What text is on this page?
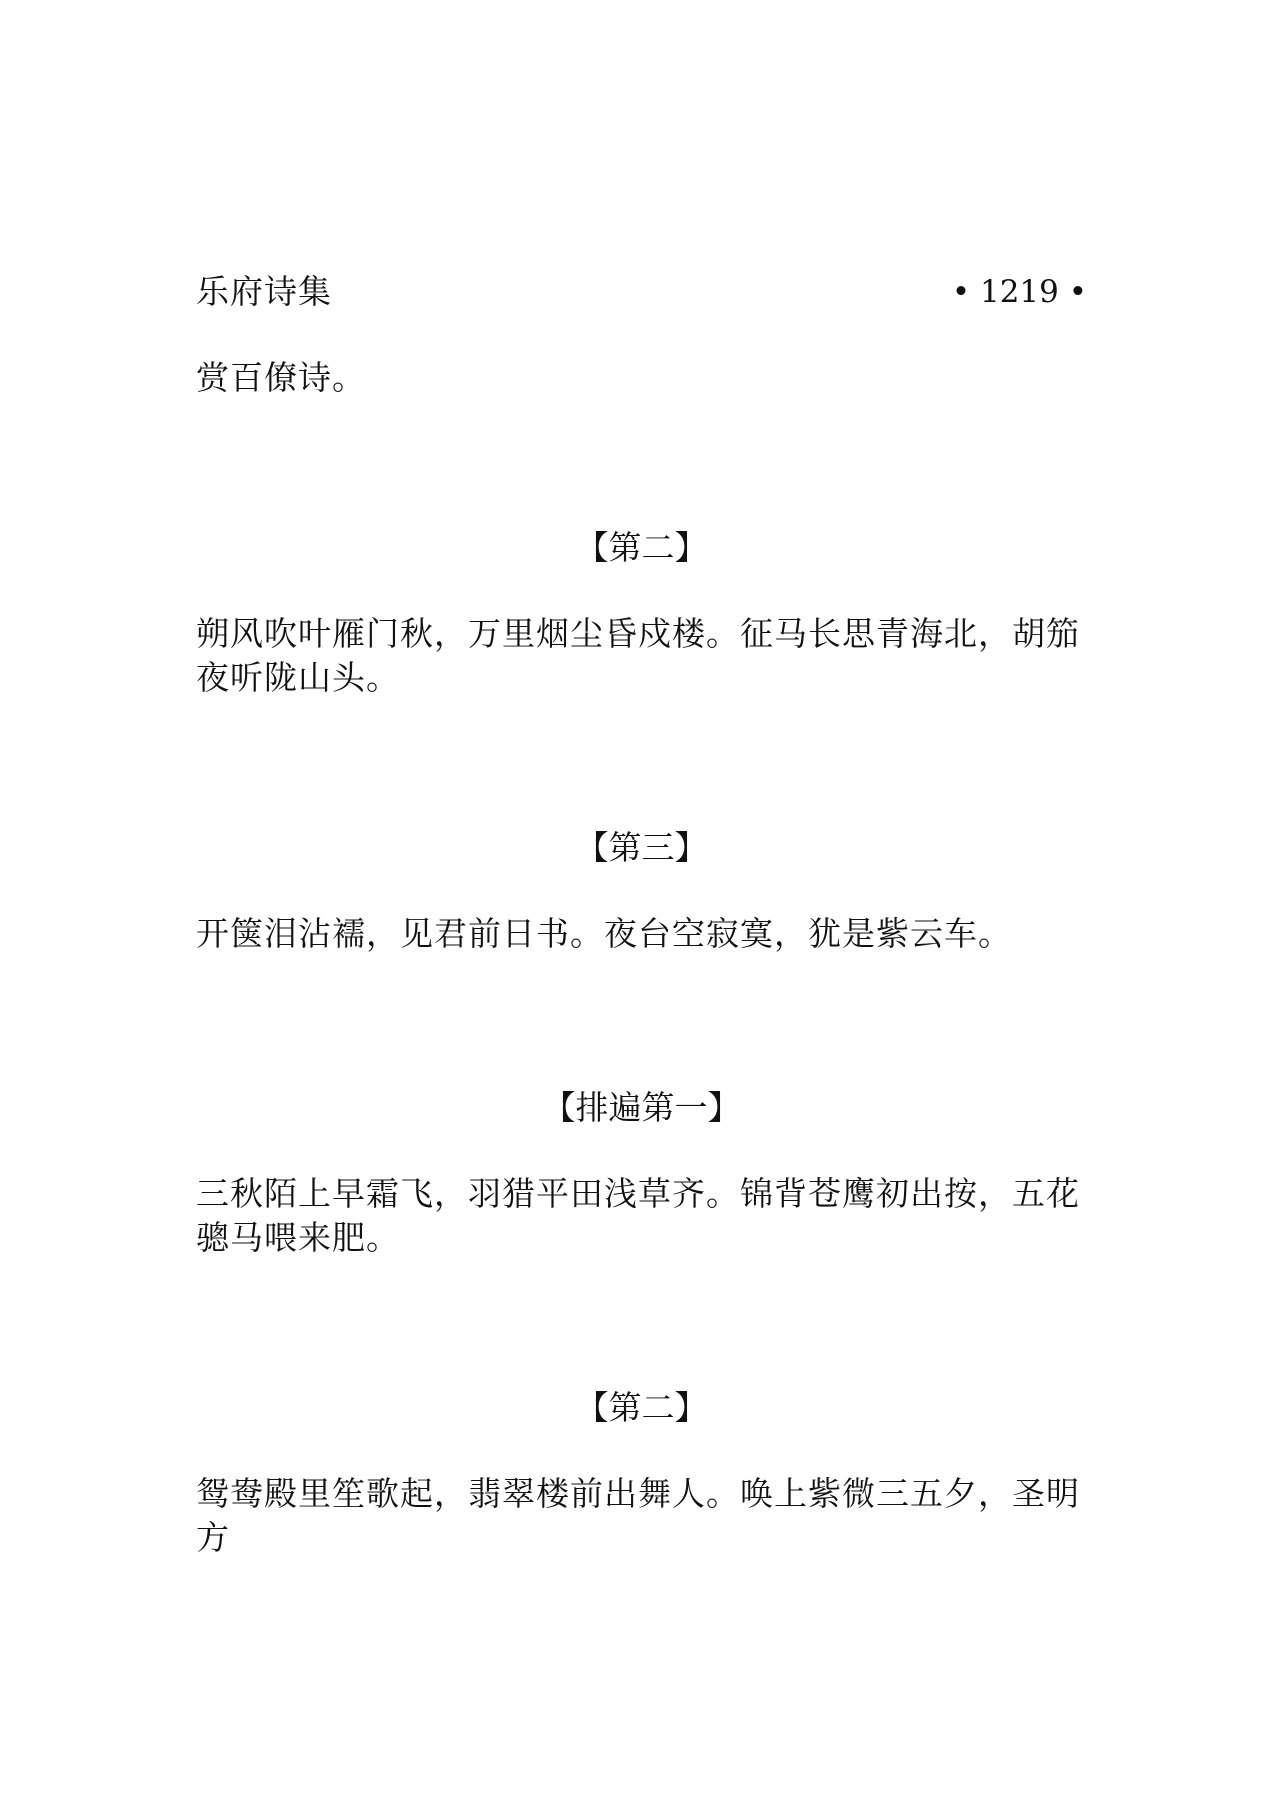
乐府诗集	• 1219 •

赏百僚诗。

【第二】

朔风吹叶雁门秋，万里烟尘昏戍楼。征马长思青海北，胡笳夜听陇山头。

【第三】

开箧泪沾襦，见君前日书。夜台空寂寞，犹是紫云车。

【排遍第一】

三秋陌上早霜飞，羽猎平田浅草齐。锦背苍鹰初出按，五花骢马喂来肥。

【第二】

鸳鸯殿里笙歌起，翡翠楼前出舞人。唤上紫微三五夕，圣明方
